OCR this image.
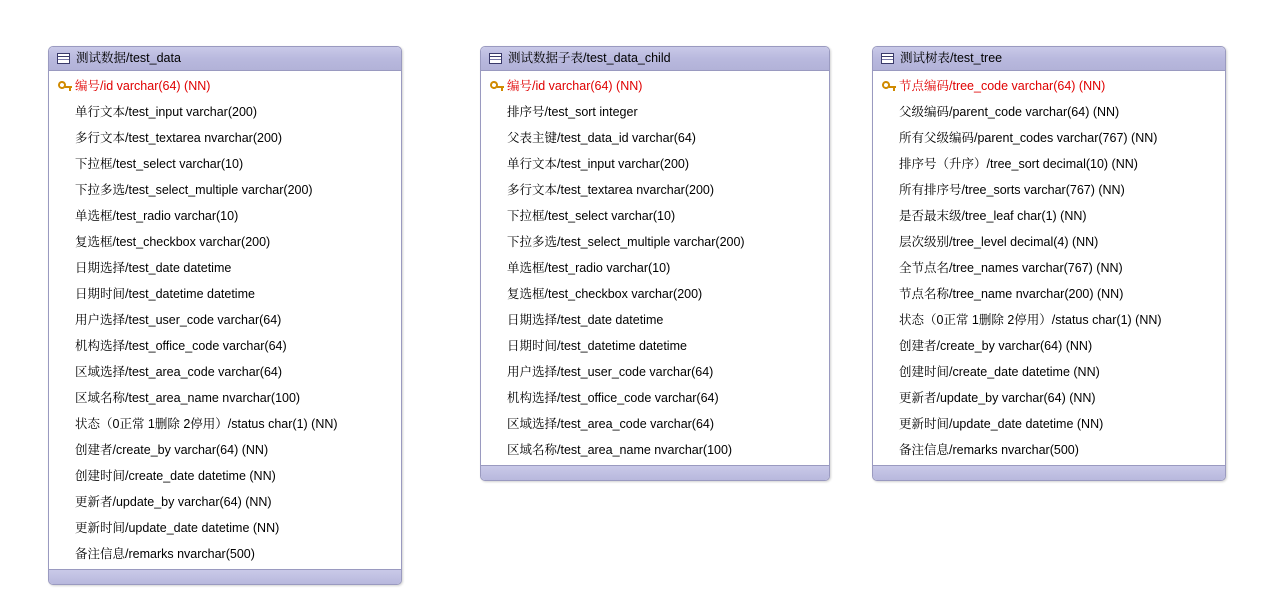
测试数据/test_data
编号/id varchar(64) (NN)
单行文本/test_input varchar(200)
多行文本/test_textarea nvarchar(200)
下拉框/test_select varchar(10)
下拉多选/test_select_multiple varchar(200)
单选框/test_radio varchar(10)
复选框/test_checkbox varchar(200)
日期选择/test_date datetime
日期时间/test_datetime datetime
用户选择/test_user_code varchar(64)
机构选择/test_office_code varchar(64)
区域选择/test_area_code varchar(64)
区域名称/test_area_name nvarchar(100)
状态（0正常 1删除 2停用）/status char(1) (NN)
创建者/create_by varchar(64) (NN)
创建时间/create_date datetime (NN)
更新者/update_by varchar(64) (NN)
更新时间/update_date datetime (NN)
备注信息/remarks nvarchar(500)
测试数据子表/test_data_child
编号/id varchar(64) (NN)
排序号/test_sort integer
父表主键/test_data_id varchar(64)
单行文本/test_input varchar(200)
多行文本/test_textarea nvarchar(200)
下拉框/test_select varchar(10)
下拉多选/test_select_multiple varchar(200)
单选框/test_radio varchar(10)
复选框/test_checkbox varchar(200)
日期选择/test_date datetime
日期时间/test_datetime datetime
用户选择/test_user_code varchar(64)
机构选择/test_office_code varchar(64)
区域选择/test_area_code varchar(64)
区域名称/test_area_name nvarchar(100)
测试树表/test_tree
节点编码/tree_code varchar(64) (NN)
父级编码/parent_code varchar(64) (NN)
所有父级编码/parent_codes varchar(767) (NN)
排序号（升序）/tree_sort decimal(10) (NN)
所有排序号/tree_sorts varchar(767) (NN)
是否最末级/tree_leaf char(1) (NN)
层次级别/tree_level decimal(4) (NN)
全节点名/tree_names varchar(767) (NN)
节点名称/tree_name nvarchar(200) (NN)
状态（0正常 1删除 2停用）/status char(1) (NN)
创建者/create_by varchar(64) (NN)
创建时间/create_date datetime (NN)
更新者/update_by varchar(64) (NN)
更新时间/update_date datetime (NN)
备注信息/remarks nvarchar(500)
